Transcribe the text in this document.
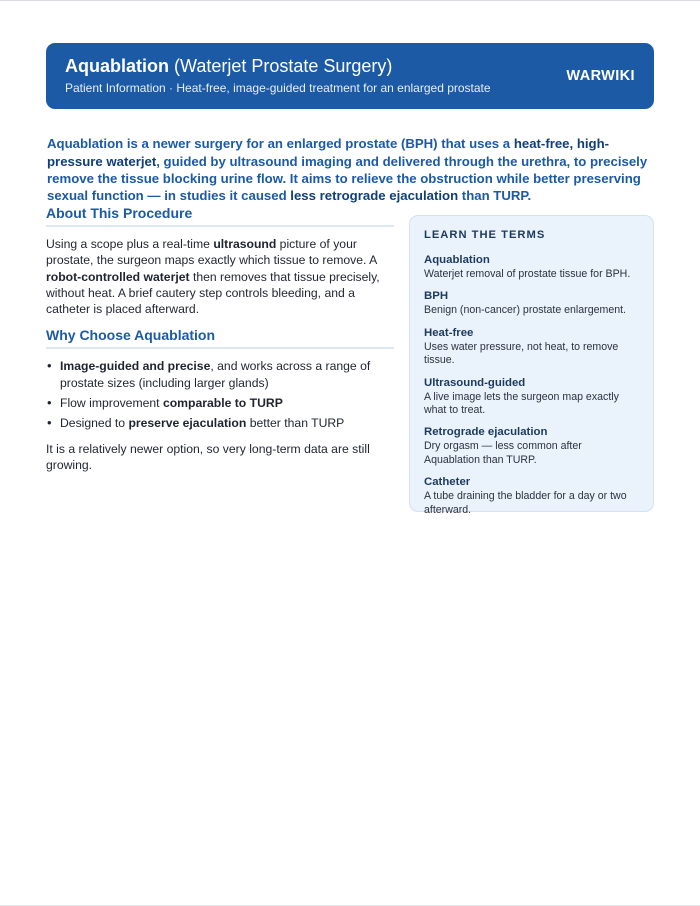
Aquablation (Waterjet Prostate Surgery)
Patient Information · Heat-free, image-guided treatment for an enlarged prostate
WARWIKI

Aquablation is a newer surgery for an enlarged prostate (BPH) that uses a heat-free, high-pressure waterjet, guided by ultrasound imaging and delivered through the urethra, to precisely remove the tissue blocking urine flow. It aims to relieve the obstruction while better preserving sexual function — in studies it caused less retrograde ejaculation than TURP.

About This Procedure

Using a scope plus a real-time ultrasound picture of your prostate, the surgeon maps exactly which tissue to remove. A robot-controlled waterjet then removes that tissue precisely, without heat. A brief cautery step controls bleeding, and a catheter is placed afterward.

Why Choose Aquablation
• Image-guided and precise, and works across a range of prostate sizes (including larger glands)
• Flow improvement comparable to TURP
• Designed to preserve ejaculation better than TURP

It is a relatively newer option, so very long-term data are still growing.

LEARN THE TERMS
Aquablation
Waterjet removal of prostate tissue for BPH.
BPH
Benign (non-cancer) prostate enlargement.
Heat-free
Uses water pressure, not heat, to remove tissue.
Ultrasound-guided
A live image lets the surgeon map exactly what to treat.
Retrograde ejaculation
Dry orgasm — less common after Aquablation than TURP.
Catheter
A tube draining the bladder for a day or two afterward.
